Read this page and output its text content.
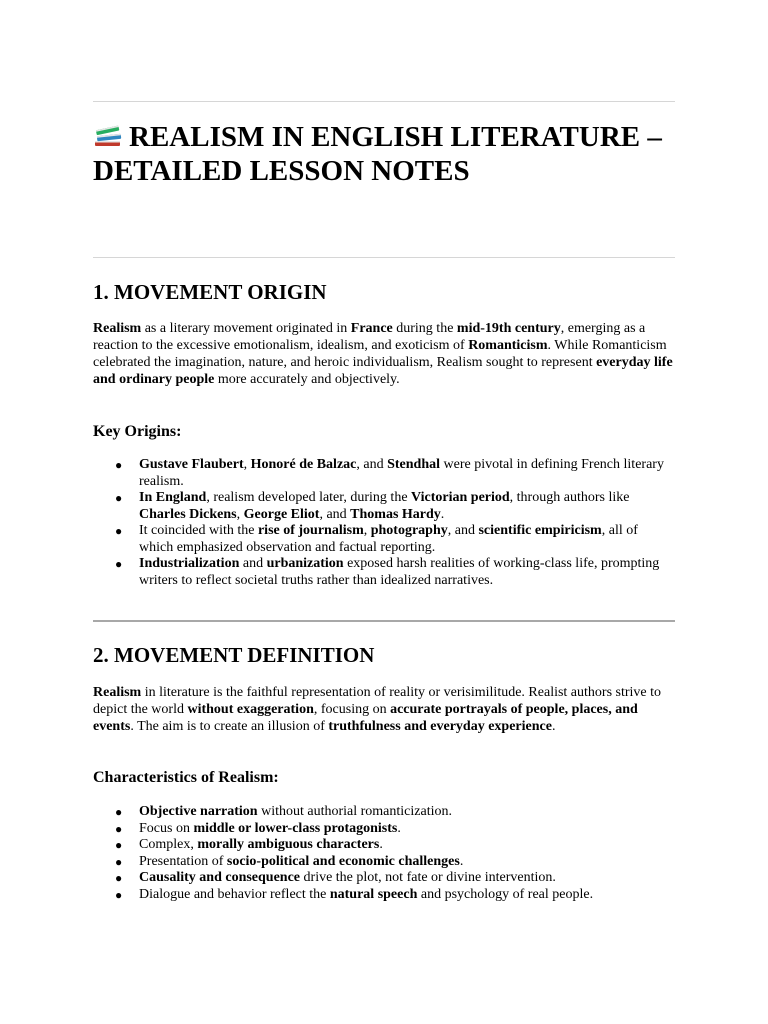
REALISM IN ENGLISH LITERATURE – DETAILED LESSON NOTES
1. MOVEMENT ORIGIN

Realism as a literary movement originated in France during the mid-19th century, emerging as a reaction to the excessive emotionalism, idealism, and exoticism of Romanticism. While Romanticism celebrated the imagination, nature, and heroic individualism, Realism sought to represent everyday life and ordinary people more accurately and objectively.

Key Origins:
● Gustave Flaubert, Honoré de Balzac, and Stendhal were pivotal in defining French literary realism.
● In England, realism developed later, during the Victorian period, through authors like Charles Dickens, George Eliot, and Thomas Hardy.
● It coincided with the rise of journalism, photography, and scientific empiricism, all of which emphasized observation and factual reporting.
● Industrialization and urbanization exposed harsh realities of working-class life, prompting writers to reflect societal truths rather than idealized narratives.
2. MOVEMENT DEFINITION

Realism in literature is the faithful representation of reality or verisimilitude. Realist authors strive to depict the world without exaggeration, focusing on accurate portrayals of people, places, and events. The aim is to create an illusion of truthfulness and everyday experience.

Characteristics of Realism:
● Objective narration without authorial romanticization.
● Focus on middle or lower-class protagonists.
● Complex, morally ambiguous characters.
● Presentation of socio-political and economic challenges.
● Causality and consequence drive the plot, not fate or divine intervention.
● Dialogue and behavior reflect the natural speech and psychology of real people.
